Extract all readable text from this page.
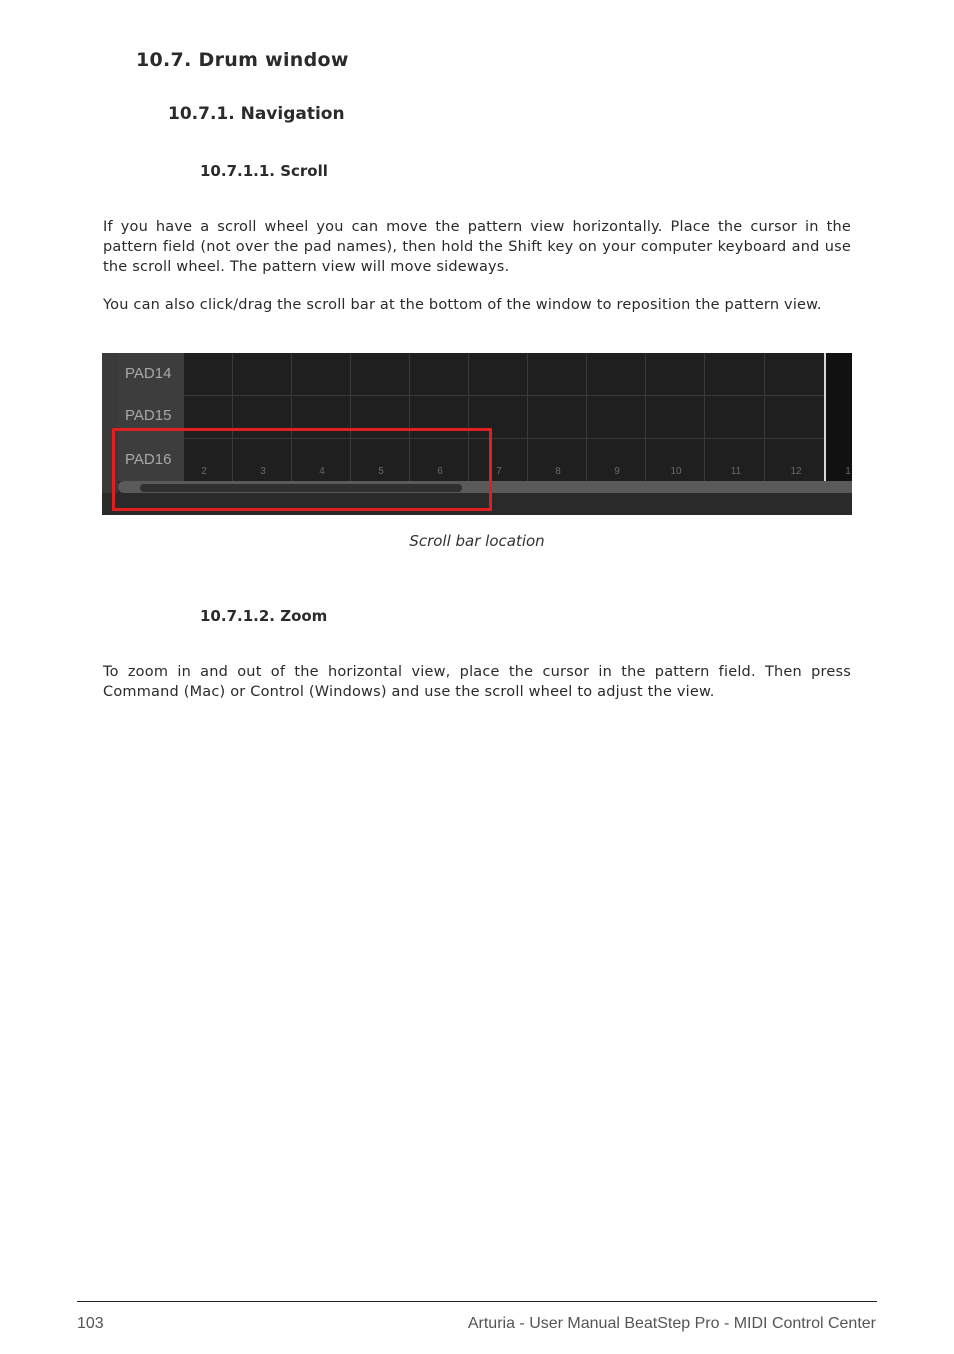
10.7. Drum window
10.7.1. Navigation
10.7.1.1. Scroll

If you have a scroll wheel you can move the pattern view horizontally. Place the cursor in the pattern field (not over the pad names), then hold the Shift key on your computer keyboard and use the scroll wheel. The pattern view will move sideways.

You can also click/drag the scroll bar at the bottom of the window to reposition the pattern view.

PAD14
PAD15
PAD16
2	3	4	5	6	7	8	9	10	11	12	1

Scroll bar location

10.7.1.2. Zoom

To zoom in and out of the horizontal view, place the cursor in the pattern field. Then press Command (Mac) or Control (Windows) and use the scroll wheel to adjust the view.

103	Arturia - User Manual BeatStep Pro - MIDI Control Center
